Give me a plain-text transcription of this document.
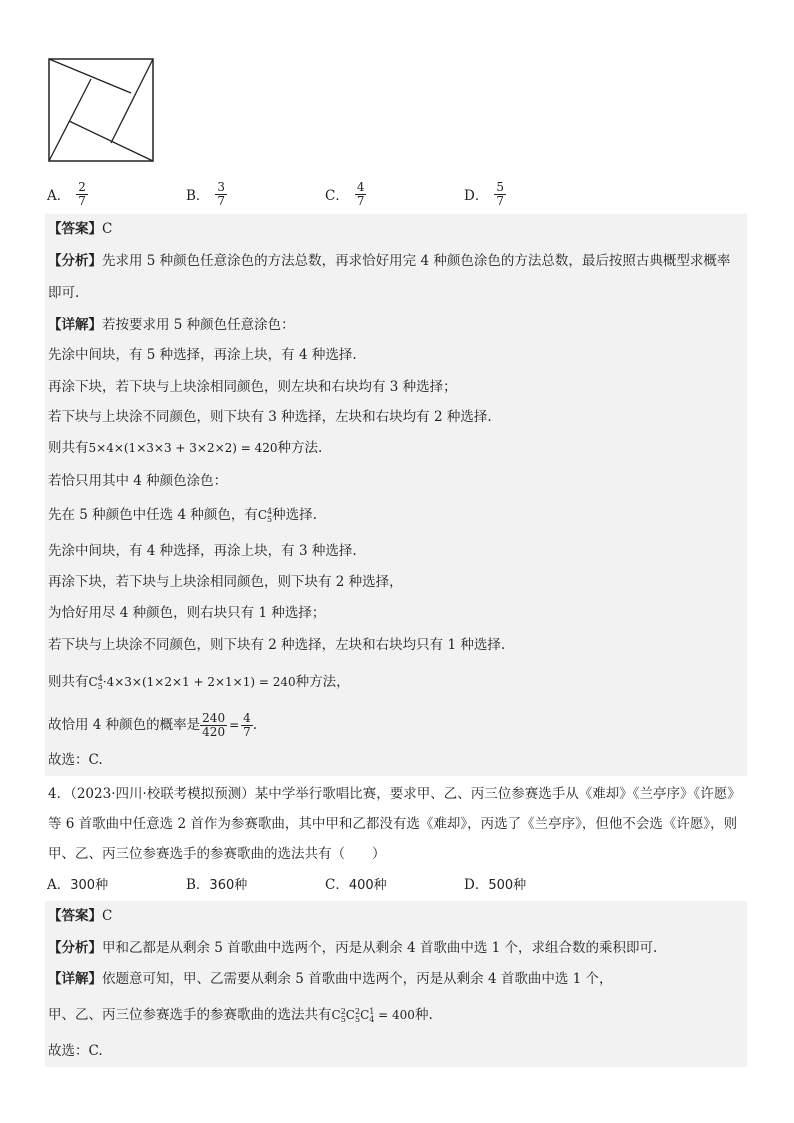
A． $\frac{2}{7}$	B． $\frac{3}{7}$	C． $\frac{4}{7}$	D． $\frac{5}{7}$
【答案】C
【分析】先求用 5 种颜色任意涂色的方法总数，再求恰好用完 4 种颜色涂色的方法总数，最后按照古典概型求概率
即可.
【详解】若按要求用 5 种颜色任意涂色：
先涂中间块，有 5 种选择，再涂上块，有 4 种选择.
再涂下块，若下块与上块涂相同颜色，则左块和右块均有 3 种选择；
若下块与上块涂不同颜色，则下块有 3 种选择，左块和右块均有 2 种选择.
则共有5×4×(1×3×3 + 3×2×2) = 420种方法.
若恰只用其中 4 种颜色涂色：
先在 5 种颜色中任选 4 种颜色，有C 4
5 种选择.
先涂中间块，有 4 种选择，再涂上块，有 3 种选择.
再涂下块，若下块与上块涂相同颜色，则下块有 2 种选择，
为恰好用尽 4 种颜色，则右块只有 1 种选择；
若下块与上块涂不同颜色，则下块有 2 种选择，左块和右块均只有 1 种选择.
则共有C 4
5 ·4×3×(1×2×1 + 2×1×1) = 240种方法，
故恰用 4 种颜色的概率是 $\frac{240}{420} = \frac{4}{7}$ .
故选：C.
4．（2023·四川·校联考模拟预测）某中学举行歌唱比赛，要求甲、乙、丙三位参赛选手从《难却》《兰亭序》《许愿》
等 6 首歌曲中任意选 2 首作为参赛歌曲，其中甲和乙都没有选《难却》，丙选了《兰亭序》，但他不会选《许愿》，则
甲、乙、丙三位参赛选手的参赛歌曲的选法共有（　　）
A．300种	B．360种	C．400种	D．500种
【答案】C
【分析】甲和乙都是从剩余 5 首歌曲中选两个，丙是从剩余 4 首歌曲中选 1 个，求组合数的乘积即可.
【详解】依题意可知，甲、乙需要从剩余 5 首歌曲中选两个，丙是从剩余 4 首歌曲中选 1 个，
甲、乙、丙三位参赛选手的参赛歌曲的选法共有C 2
5 C 2
5 C 1
4 = 400种.
故选：C.
